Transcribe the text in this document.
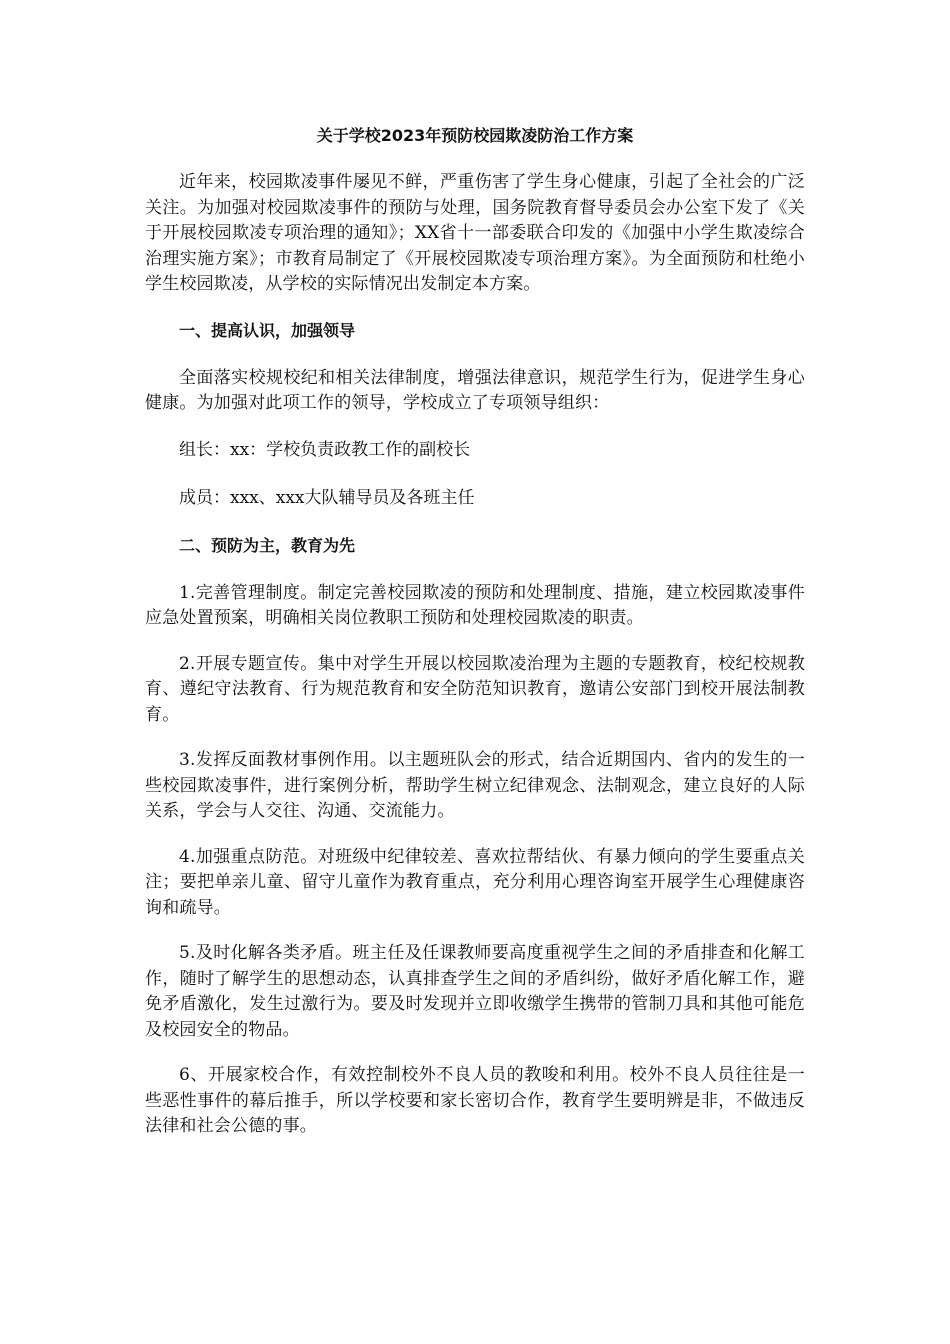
关于学校2023年预防校园欺凌防治工作方案

近年来，校园欺凌事件屡见不鲜，严重伤害了学生身心健康，引起了全社会的广泛关注。为加强对校园欺凌事件的预防与处理，国务院教育督导委员会办公室下发了《关于开展校园欺凌专项治理的通知》；XX省十一部委联合印发的《加强中小学生欺凌综合治理实施方案》；市教育局制定了《开展校园欺凌专项治理方案》。为全面预防和杜绝小学生校园欺凌，从学校的实际情况出发制定本方案。

一、提高认识，加强领导

全面落实校规校纪和相关法律制度，增强法律意识，规范学生行为，促进学生身心健康。为加强对此项工作的领导，学校成立了专项领导组织：

组长：xx：学校负责政教工作的副校长
成员：xxx、xxx大队辅导员及各班主任
二、预防为主，教育为先

1.完善管理制度。制定完善校园欺凌的预防和处理制度、措施，建立校园欺凌事件应急处置预案，明确相关岗位教职工预防和处理校园欺凌的职责。

2.开展专题宣传。集中对学生开展以校园欺凌治理为主题的专题教育，校纪校规教育、遵纪守法教育、行为规范教育和安全防范知识教育，邀请公安部门到校开展法制教育。

3.发挥反面教材事例作用。以主题班队会的形式，结合近期国内、省内的发生的一些校园欺凌事件，进行案例分析，帮助学生树立纪律观念、法制观念，建立良好的人际关系，学会与人交往、沟通、交流能力。

4.加强重点防范。对班级中纪律较差、喜欢拉帮结伙、有暴力倾向的学生要重点关注；要把单亲儿童、留守儿童作为教育重点，充分利用心理咨询室开展学生心理健康咨询和疏导。

5.及时化解各类矛盾。班主任及任课教师要高度重视学生之间的矛盾排查和化解工作，随时了解学生的思想动态，认真排查学生之间的矛盾纠纷，做好矛盾化解工作，避免矛盾激化，发生过激行为。要及时发现并立即收缴学生携带的管制刀具和其他可能危及校园安全的物品。

6、开展家校合作，有效控制校外不良人员的教唆和利用。校外不良人员往往是一些恶性事件的幕后推手，所以学校要和家长密切合作，教育学生要明辨是非，不做违反法律和社会公德的事。
